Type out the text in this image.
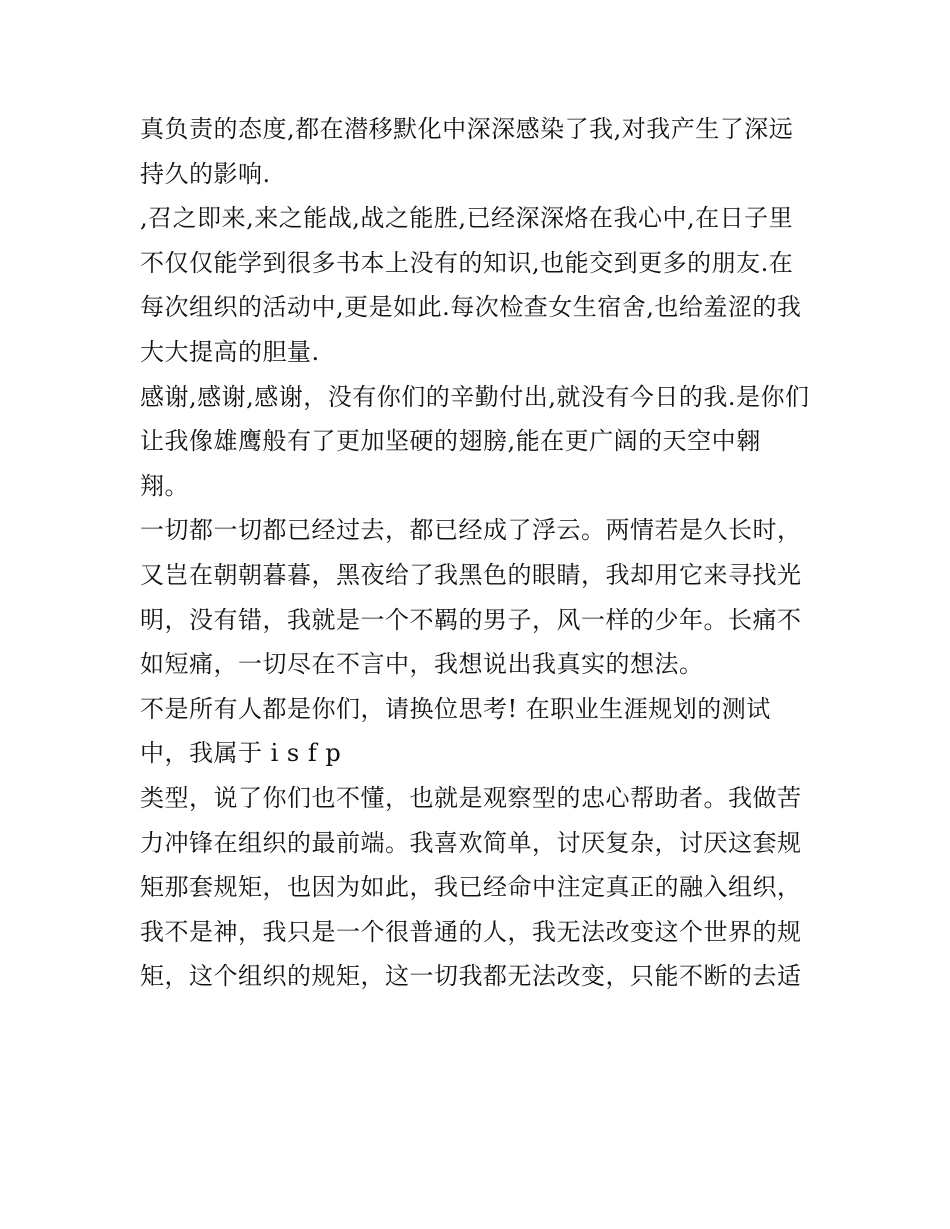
真负责的态度,都在潜移默化中深深感染了我,对我产生了深远
持久的影响.
,召之即来,来之能战,战之能胜,已经深深烙在我心中,在日子里
不仅仅能学到很多书本上没有的知识,也能交到更多的朋友.在
每次组织的活动中,更是如此.每次检查女生宿舍,也给羞涩的我
大大提高的胆量.
感谢,感谢,感谢，没有你们的辛勤付出,就没有今日的我.是你们
让我像雄鹰般有了更加坚硬的翅膀,能在更广阔的天空中翱
翔。
一切都一切都已经过去，都已经成了浮云。两情若是久长时，
又岂在朝朝暮暮，黑夜给了我黑色的眼睛，我却用它来寻找光
明，没有错，我就是一个不羁的男子，风一样的少年。长痛不
如短痛，一切尽在不言中，我想说出我真实的想法。
不是所有人都是你们，请换位思考! 在职业生涯规划的测试
中，我属于 i s f p
类型，说了你们也不懂，也就是观察型的忠心帮助者。我做苦
力冲锋在组织的最前端。我喜欢简单，讨厌复杂，讨厌这套规
矩那套规矩，也因为如此，我已经命中注定真正的融入组织，
我不是神，我只是一个很普通的人，我无法改变这个世界的规
矩，这个组织的规矩，这一切我都无法改变，只能不断的去适
